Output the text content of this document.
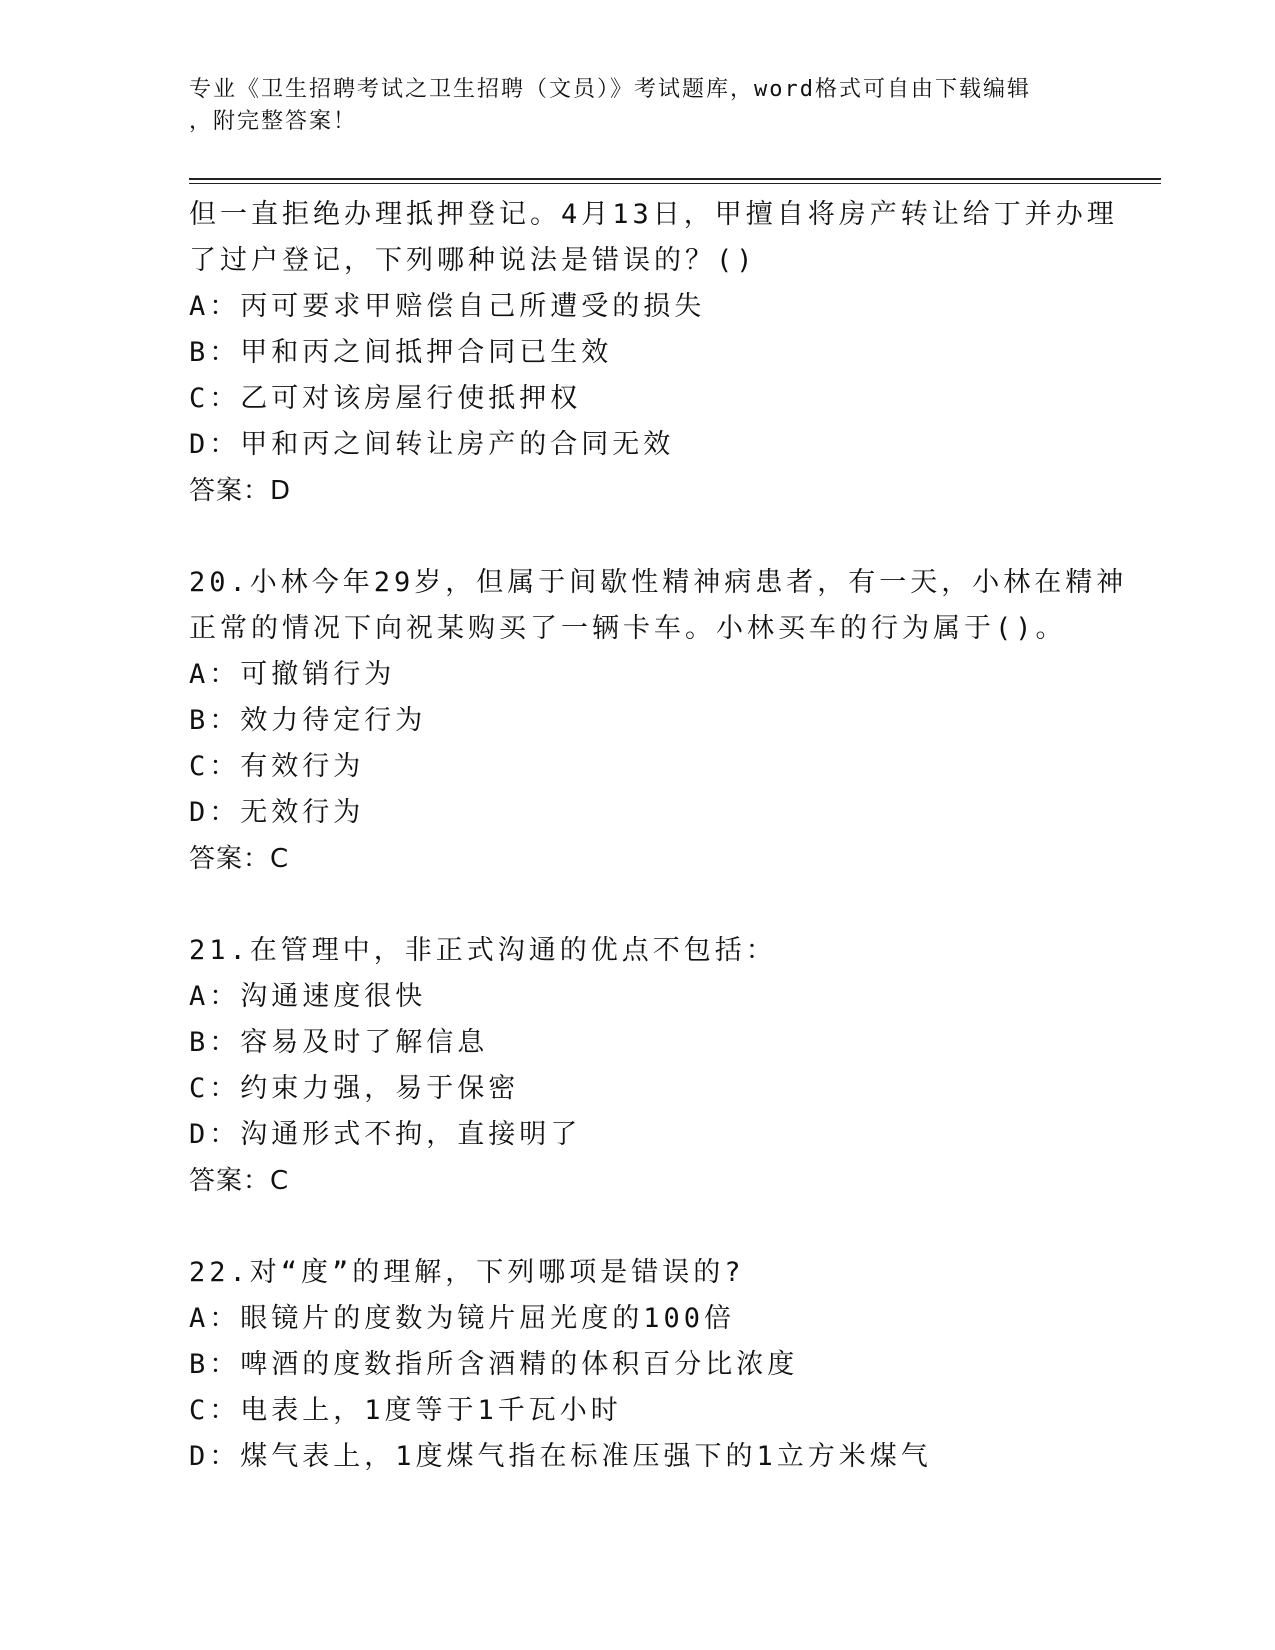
专业《卫生招聘考试之卫生招聘（文员）》考试题库，word格式可自由下载编辑
，附完整答案！
但一直拒绝办理抵押登记。4月13日，甲擅自将房产转让给丁并办理
了过户登记，下列哪种说法是错误的？()
A：丙可要求甲赔偿自己所遭受的损失
B：甲和丙之间抵押合同已生效
C：乙可对该房屋行使抵押权
D：甲和丙之间转让房产的合同无效
答案：D
20.小林今年29岁，但属于间歇性精神病患者，有一天，小林在精神
正常的情况下向祝某购买了一辆卡车。小林买车的行为属于()。
A：可撤销行为
B：效力待定行为
C：有效行为
D：无效行为
答案：C
21.在管理中，非正式沟通的优点不包括：
A：沟通速度很快
B：容易及时了解信息
C：约束力强，易于保密
D：沟通形式不拘，直接明了
答案：C
22.对“度”的理解，下列哪项是错误的?
A：眼镜片的度数为镜片屈光度的100倍
B：啤酒的度数指所含酒精的体积百分比浓度
C：电表上，1度等于1千瓦小时
D：煤气表上，1度煤气指在标准压强下的1立方米煤气
